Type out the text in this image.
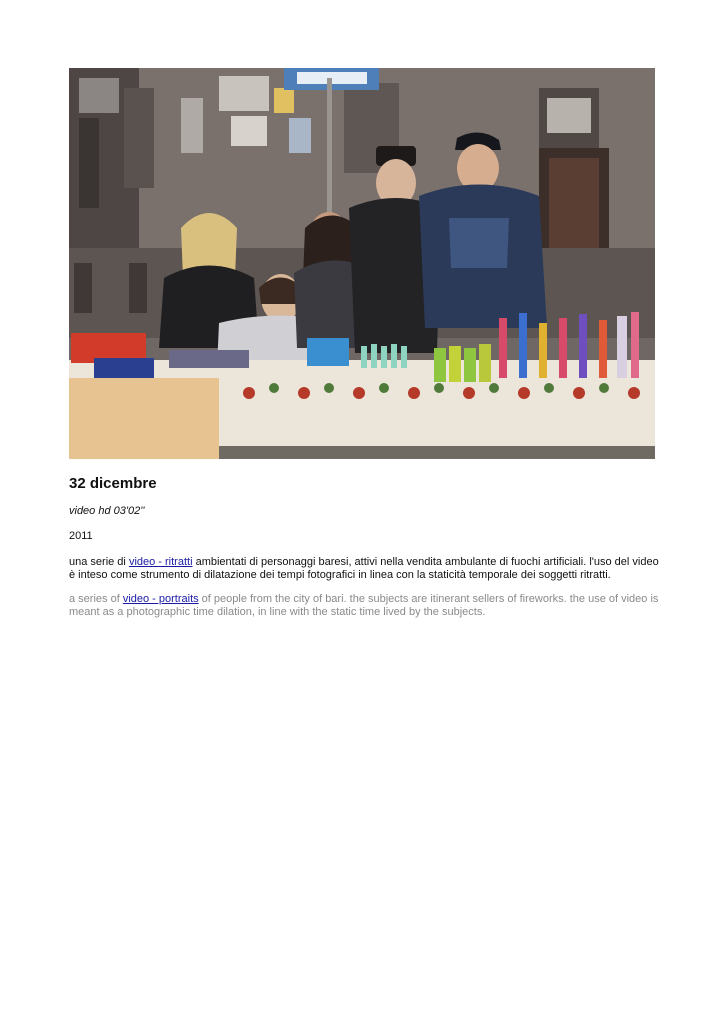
32 dicembre

video hd 03'02''

2011

una serie di video - ritratti ambientati di personaggi baresi, attivi nella vendita ambulante di fuochi artificiali. l'uso del video è inteso come strumento di dilatazione dei tempi fotografici in linea con la staticità temporale dei soggetti ritratti.

a series of video - portraits of people from the city of bari. the subjects are itinerant sellers of fireworks. the use of video is meant as a photographic time dilation, in line with the static time lived by the subjects.
